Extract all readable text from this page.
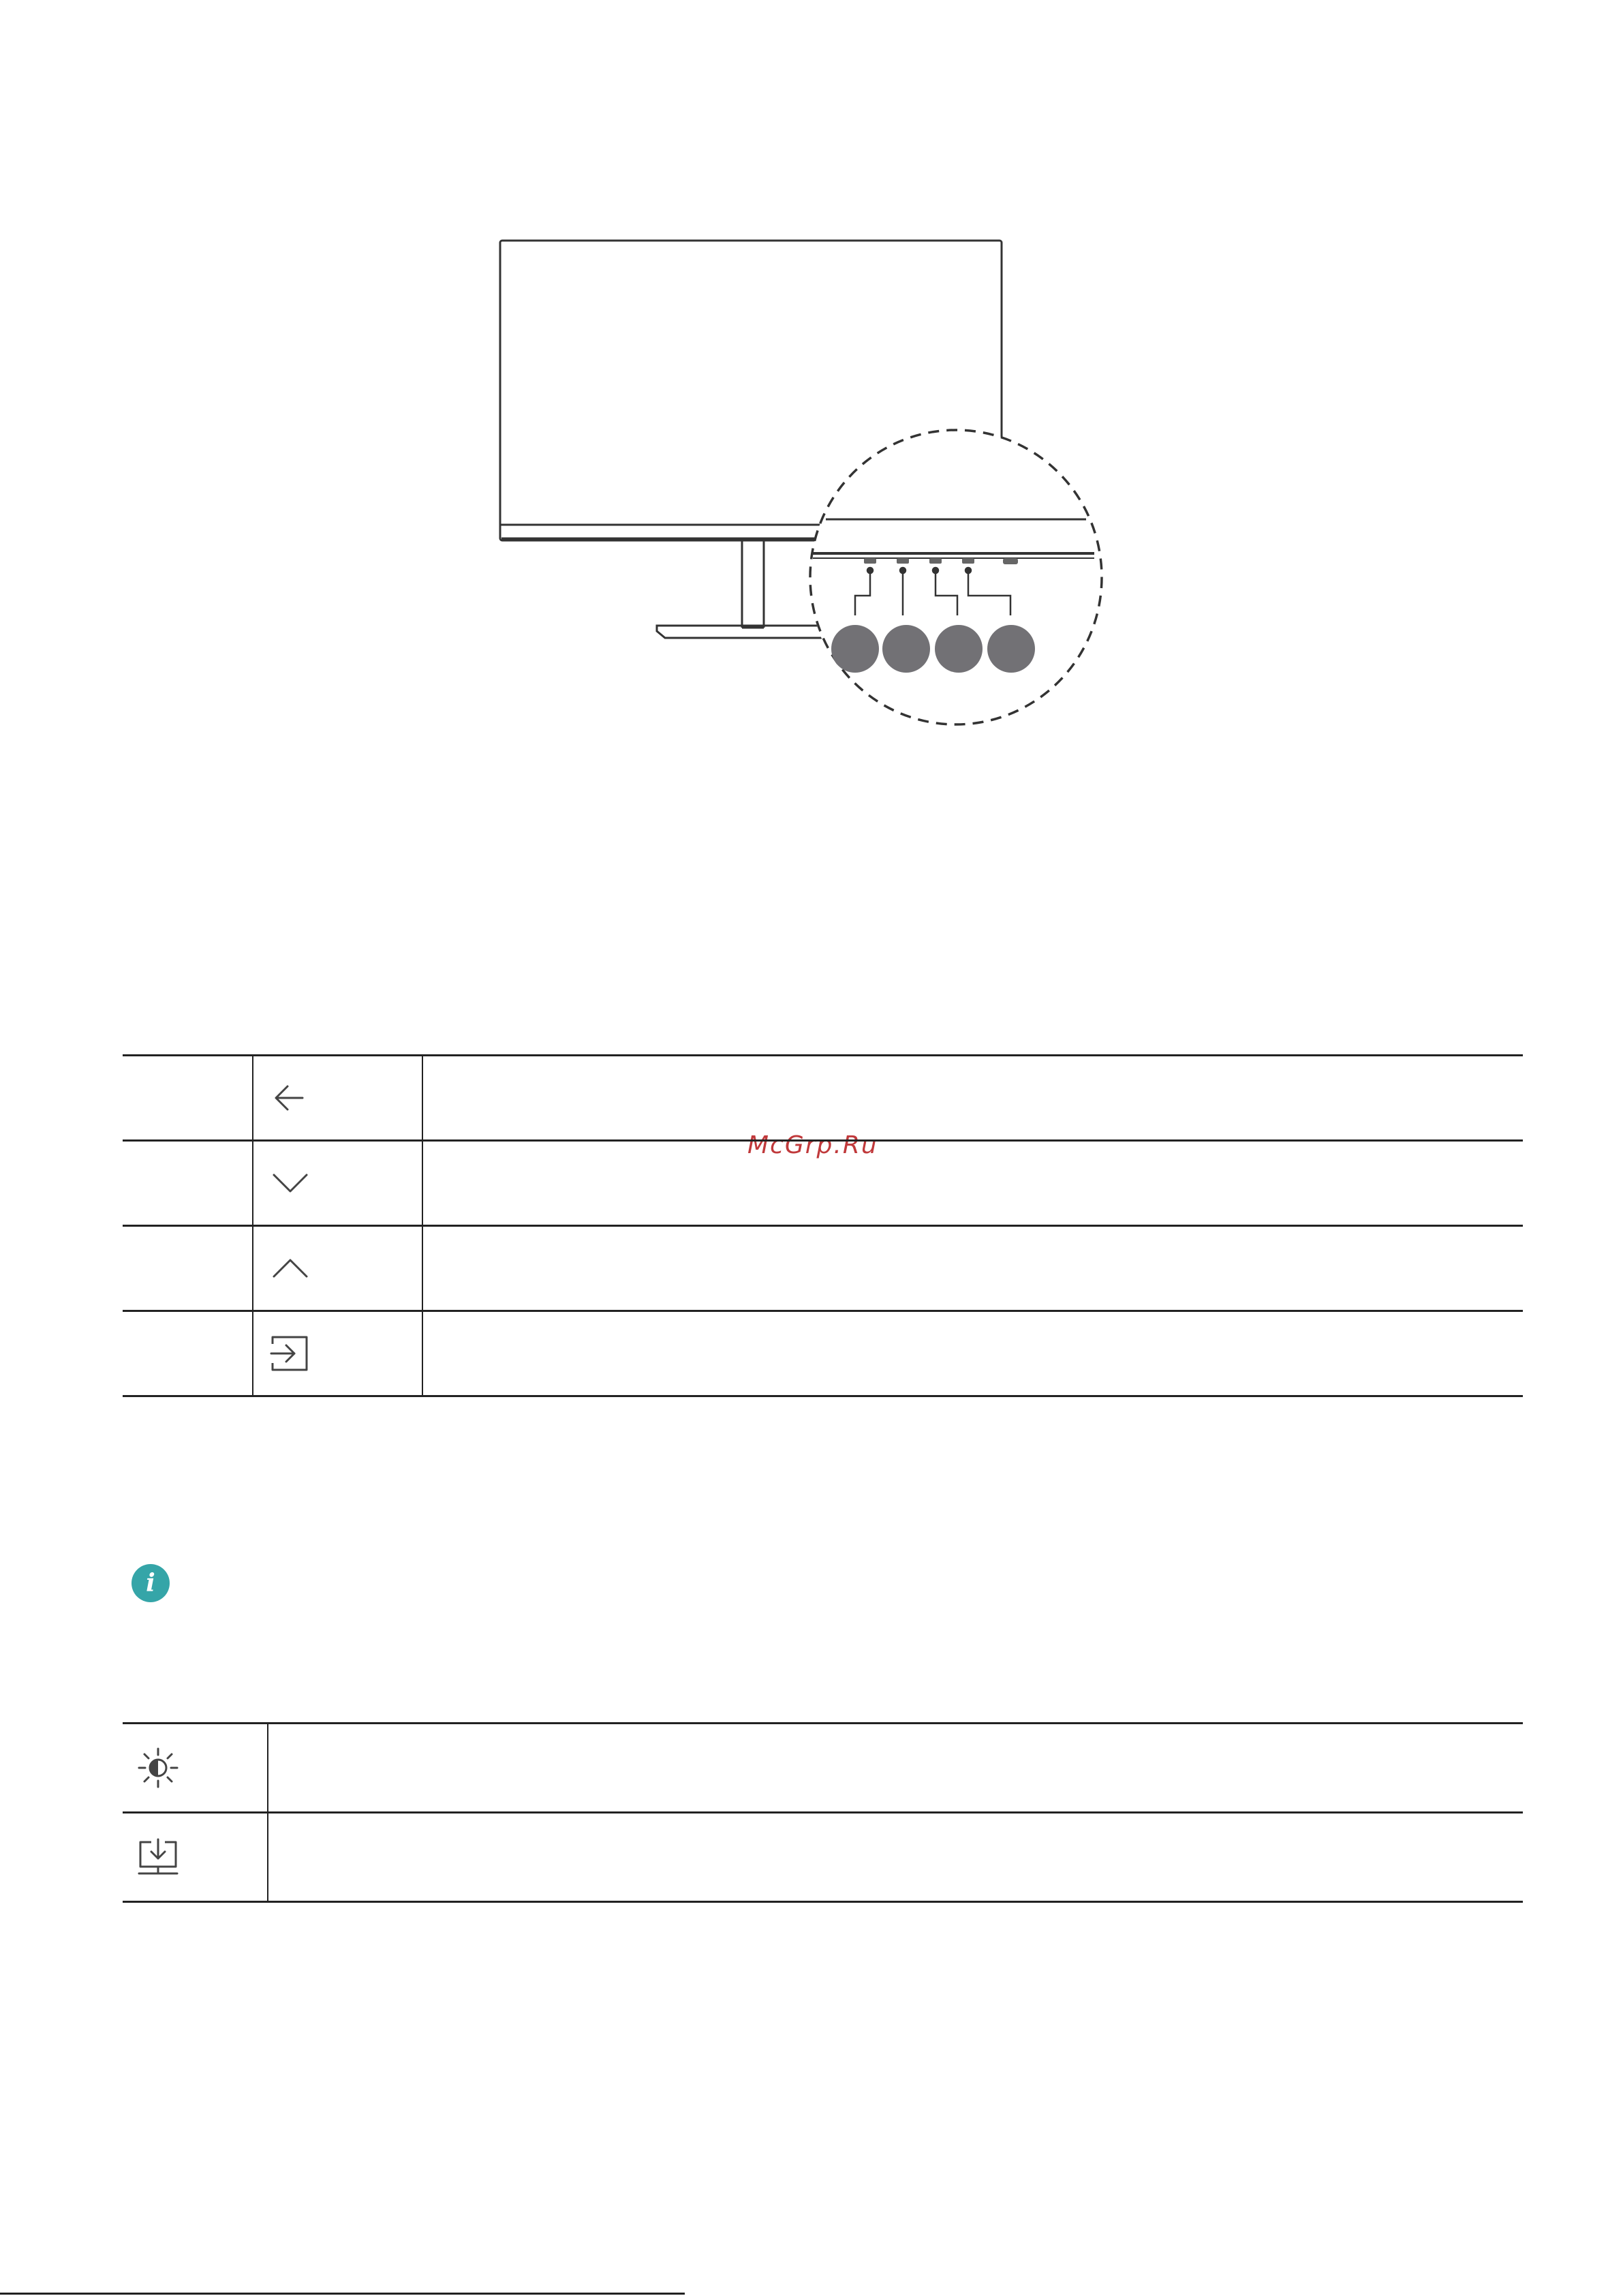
McGrp.Ru

i
